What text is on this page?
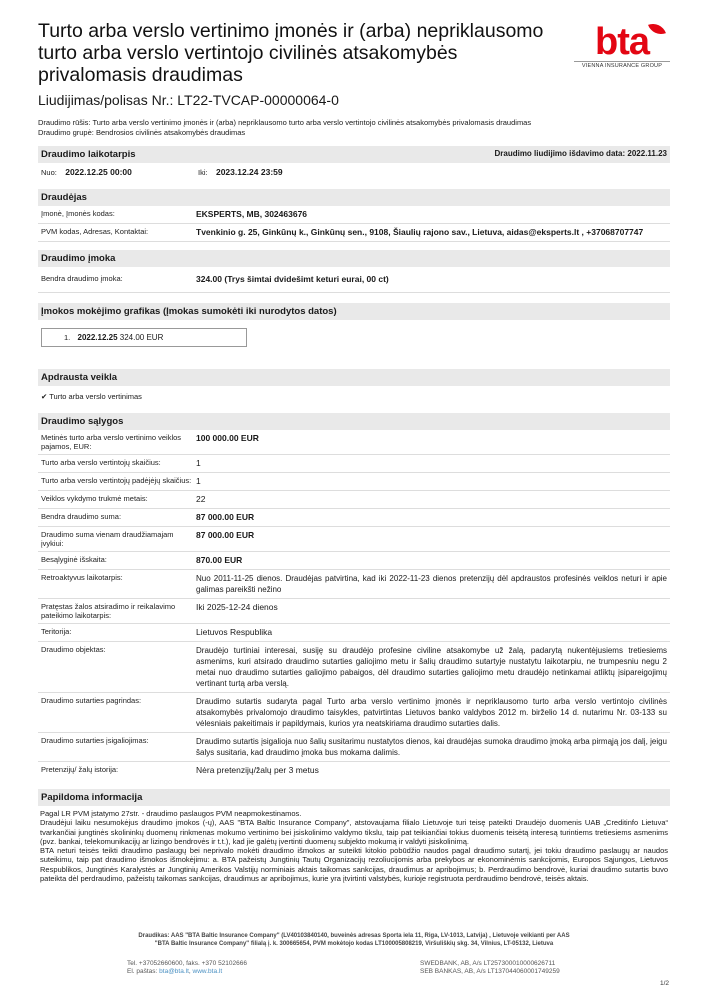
Turto arba verslo vertinimo įmonės ir (arba) nepriklausomo turto arba verslo vertintojo civilinės atsakomybės privalomasis draudimas
bta
VIENNA INSURANCE GROUP
Liudijimas/polisas Nr.: LT22-TVCAP-00000064-0
Draudimo rūšis: Turto arba verslo vertinimo įmonės ir (arba) nepriklausomo turto arba verslo vertintojo civilinės atsakomybės privalomasis draudimas
Draudimo grupė: Bendrosios civilinės atsakomybės draudimas
Draudimo laikotarpis	Draudimo liudijimo išdavimo data: 2022.11.23
Nuo: 2022.12.25 00:00	Iki: 2023.12.24 23:59
Draudėjas
Įmonė, Įmonės kodas:	EKSPERTS, MB, 302463676
PVM kodas, Adresas, Kontaktai:	Tvenkinio g. 25, Ginkūnų k., Ginkūnų sen., 9108, Šiaulių rajono sav., Lietuva, aidas@eksperts.lt , +37068707747
Draudimo įmoka
Bendra draudimo įmoka:	324.00 (Trys šimtai dvidešimt keturi eurai, 00 ct)
Įmokos mokėjimo grafikas (Įmokas sumokėti iki nurodytos datos)
1. 2022.12.25 324.00 EUR
Apdrausta veikla
✔ Turto arba verslo vertinimas
Draudimo sąlygos
Metinės turto arba verslo vertinimo veiklos pajamos, EUR:
100 000.00 EUR
Turto arba verslo vertintojų skaičius:	1
Turto arba verslo vertintojų padėjėjų skaičius: 1
Veiklos vykdymo trukmė metais:	22
Bendra draudimo suma:	87 000.00 EUR
Draudimo suma vienam draudžiamajam įvykiui:
87 000.00 EUR
Besąlyginė išskaita:	870.00 EUR
Retroaktyvus laikotarpis:	Nuo 2011-11-25 dienos. Draudėjas patvirtina, kad iki 2022-11-23 dienos pretenzijų dėl apdraustos profesinės veiklos neturi ir apie galimas pareikšti nežino
Pratęstas žalos atsiradimo ir reikalavimo pateikimo laikotarpis:
Iki 2025-12-24 dienos
Teritorija:	Lietuvos Respublika
Draudimo objektas:	Draudėjo turtiniai interesai, susiję su draudėjo profesine civiline atsakomybe už žalą, padarytą nukentėjusiems tretiesiems asmenims, kuri atsirado draudimo sutarties galiojimo metu ir šalių draudimo sutartyje nustatytu laikotarpiu, ne trumpesniu negu 2 metai nuo draudimo sutarties galiojimo pabaigos, dėl draudimo sutarties galiojimo metu draudėjo netinkamai atliktų įsipareigojimų vertinant turtą arba verslą.
Draudimo sutarties pagrindas:	Draudimo sutartis sudaryta pagal Turto arba verslo vertinimo įmonės ir nepriklausomo turto arba verslo vertintojo civilinės atsakomybės privalomojo draudimo taisykles, patvirtintas Lietuvos banko valdybos 2012 m. birželio 14 d. nutarimu Nr. 03-133 su vėlesniais pakeitimais ir papildymais, kurios yra neatskiriama draudimo sutarties dalis.
Draudimo sutarties įsigaliojimas:	Draudimo sutartis įsigalioja nuo šalių susitarimu nustatytos dienos, kai draudėjas sumoka draudimo įmoką arba pirmąją jos dalį, jeigu šalys susitaria, kad draudimo įmoka bus mokama dalimis.
Pretenzijų/ žalų istorija:	Nėra pretenzijų/žalų per 3 metus
Papildoma informacija
Pagal LR PVM įstatymo 27str. - draudimo paslaugos PVM neapmokestinamos.
Draudėjui laiku nesumokėjus draudimo įmokos (-ų), AAS "BTA Baltic Insurance Company", atstovaujama filialo Lietuvoje turi teisę pateikti Draudėjo duomenis UAB „Creditinfo Lietuva“ tvarkančiai jungtinės skolininkų duomenų rinkmenas mokumo vertinimo bei įsiskolinimo valdymo tikslu, taip pat teikiančiai tokius duomenis teisėtą interesą turintiems tretiesiems asmenims (pvz. bankai, telekomunikacijų ar lizingo bendrovės ir t.t.), kad jie galėtų įvertinti duomenų subjekto mokumą ir valdyti įsiskolinimą.
BTA neturi teisės teikti draudimo paslaugų bei neprivalo mokėti draudimo išmokos ar suteikti kitokio pobūdžio naudos pagal draudimo sutartį, jei tokiu draudimo paslaugų ar naudos suteikimu, taip pat draudimo išmokos išmokėjimu: a. BTA pažeistų Jungtinių Tautų Organizacijų rezoliucijomis arba prekybos ar ekonominėmis sankcijomis, Europos Sąjungos, Lietuvos Respublikos, Jungtinės Karalystės ar Jungtinių Amerikos Valstijų norminiais aktais taikomas sankcijas, draudimus ar apribojimus; b. Perdraudimo bendrovė, kuriai draudimo sutartis buvo pateikta dėl perdraudimo, pažeistų taikomas sankcijas, draudimus ar apribojimus, kurie yra įtvirtinti valstybės, kurioje registruota perdraudimo bendrovė, teisės aktais.
Draudikas: AAS "BTA Baltic Insurance Company" (LV40103840140, buveinės adresas Sporta iela 11, Riga, LV-1013, Latvija) , Lietuvoje veikianti per AAS
"BTA Baltic Insurance Company" filialą į. k. 300665654, PVM mokėtojo kodas LT100005808219, Viršuliškių skg. 34, Vilnius, LT-05132, Lietuva
Tel. +37052660600, faks. +370 52102666
El. paštas: bta@bta.lt, www.bta.lt
SWEDBANK, AB, A/s LT257300010000626711
SEB BANKAS, AB, A/s LT137044060001749259
1/2
